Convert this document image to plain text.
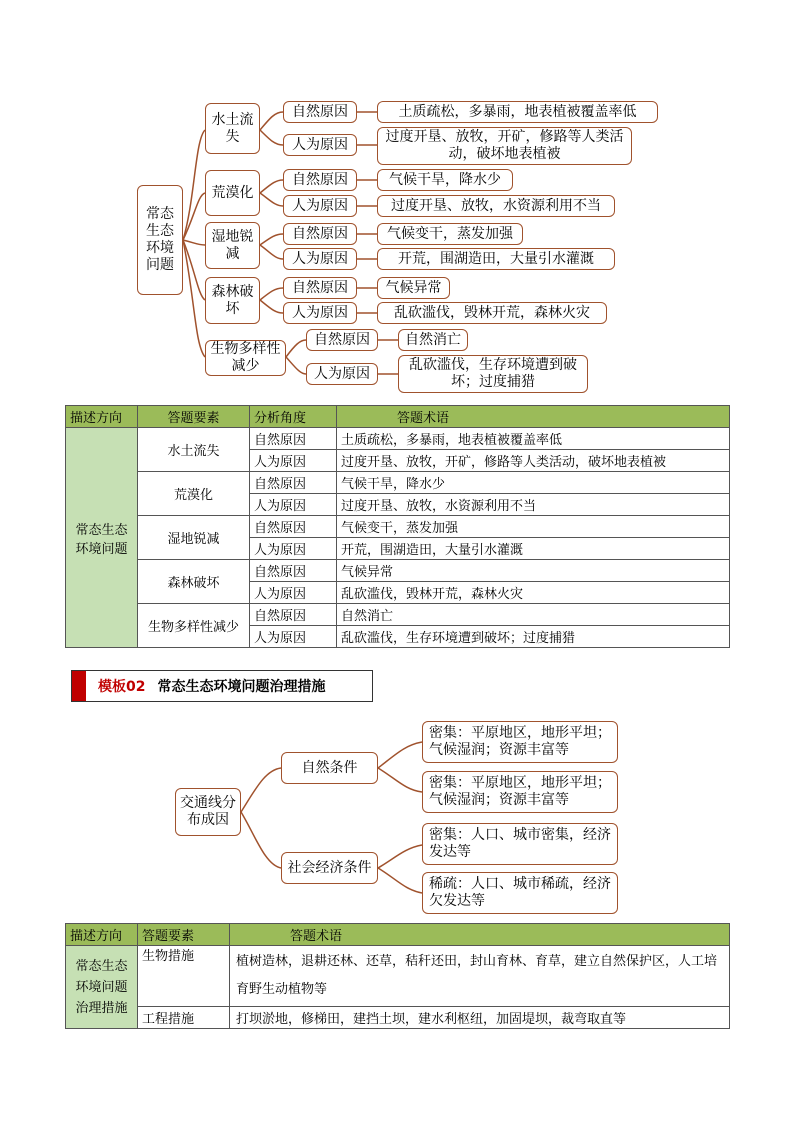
常态生态环境问题
水土流失
荒漠化
湿地锐减
森林破坏
生物多样性减少
自然原因
人为原因
自然原因
人为原因
自然原因
人为原因
自然原因
人为原因
自然原因
人为原因
土质疏松，多暴雨，地表植被覆盖率低
过度开垦、放牧，开矿，修路等人类活动，破坏地表植被
气候干旱，降水少
过度开垦、放牧，水资源利用不当
气候变干，蒸发加强
开荒，围湖造田，大量引水灌溉
气候异常
乱砍滥伐，毁林开荒，森林火灾
自然消亡
乱砍滥伐，生存环境遭到破坏；过度捕猎
描述方向	答题要素	分析角度	答题术语
常态生态环境问题	水土流失	自然原因	土质疏松，多暴雨，地表植被覆盖率低
		人为原因	过度开垦、放牧，开矿，修路等人类活动，破坏地表植被
	荒漠化	自然原因	气候干旱，降水少
		人为原因	过度开垦、放牧，水资源利用不当
	湿地锐减	自然原因	气候变干，蒸发加强
		人为原因	开荒，围湖造田，大量引水灌溉
	森林破坏	自然原因	气候异常
		人为原因	乱砍滥伐，毁林开荒，森林火灾
	生物多样性减少	自然原因	自然消亡
		人为原因	乱砍滥伐，生存环境遭到破坏；过度捕猎
模板02 常态生态环境问题治理措施
交通线分布成因
自然条件
社会经济条件
密集：平原地区，地形平坦；气候湿润；资源丰富等
密集：平原地区，地形平坦；气候湿润；资源丰富等
密集：人口、城市密集，经济发达等
稀疏：人口、城市稀疏，经济欠发达等
描述方向	答题要素	答题术语
常态生态环境问题治理措施	生物措施	植树造林，退耕还林、还草，秸秆还田，封山育林、育草，建立自然保护区，人工培育野生动植物等
	工程措施	打坝淤地，修梯田，建挡土坝，建水利枢纽，加固堤坝，裁弯取直等
